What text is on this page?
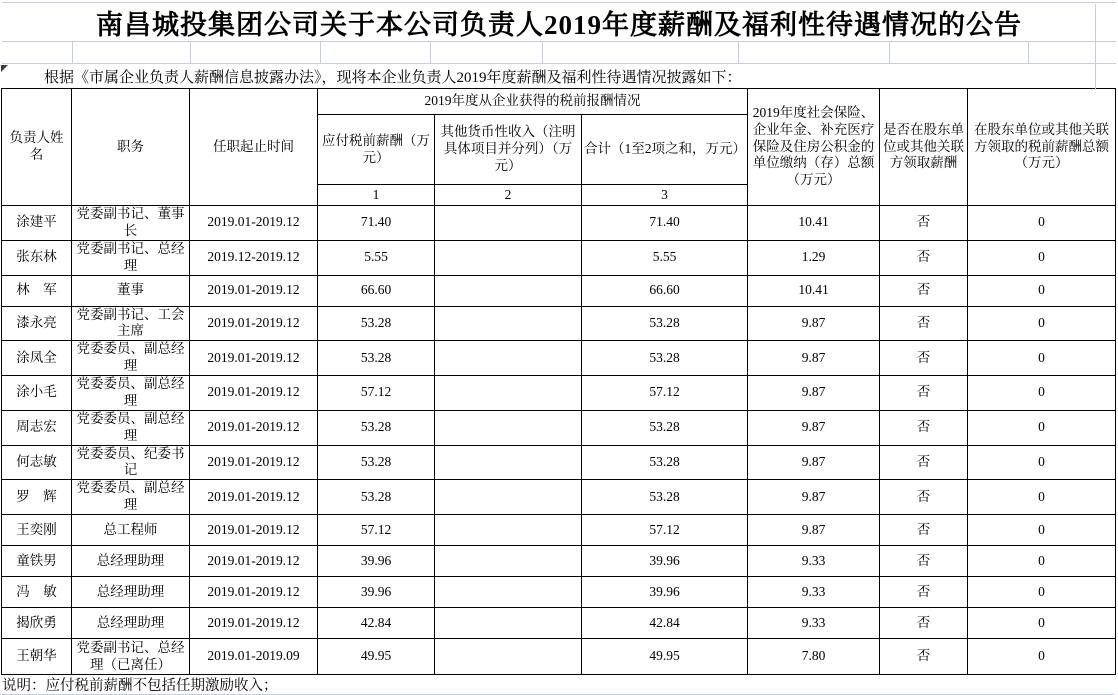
南昌城投集团公司关于本公司负责人2019年度薪酬及福利性待遇情况的公告
根据《市属企业负责人薪酬信息披露办法》，现将本企业负责人2019年度薪酬及福利性待遇情况披露如下：
负责人姓名	职务	任职起止时间	2019年度从企业获得的税前报酬情况			2019年度社会保险、企业年金、补充医疗保险及住房公积金的单位缴纳（存）总额（万元）	是否在股东单位或其他关联方领取薪酬	在股东单位或其他关联方领取的税前薪酬总额（万元）
			应付税前薪酬（万元）	其他货币性收入（注明具体项目并分列）（万元）	合计（1至2项之和，万元）			
			1	2	3			
涂建平	党委副书记、董事长	2019.01-2019.12	71.40		71.40	10.41	否	0
张东林	党委副书记、总经理	2019.12-2019.12	5.55		5.55	1.29	否	0
林　军	董事	2019.01-2019.12	66.60		66.60	10.41	否	0
漆永亮	党委副书记、工会主席	2019.01-2019.12	53.28		53.28	9.87	否	0
涂凤全	党委委员、副总经理	2019.01-2019.12	53.28		53.28	9.87	否	0
涂小毛	党委委员、副总经理	2019.01-2019.12	57.12		57.12	9.87	否	0
周志宏	党委委员、副总经理	2019.01-2019.12	53.28		53.28	9.87	否	0
何志敏	党委委员、纪委书记	2019.01-2019.12	53.28		53.28	9.87	否	0
罗　辉	党委委员、副总经理	2019.01-2019.12	53.28		53.28	9.87	否	0
王奕刚	总工程师	2019.01-2019.12	57.12		57.12	9.87	否	0
童铁男	总经理助理	2019.01-2019.12	39.96		39.96	9.33	否	0
冯　敏	总经理助理	2019.01-2019.12	39.96		39.96	9.33	否	0
揭欣勇	总经理助理	2019.01-2019.12	42.84		42.84	9.33	否	0
王朝华	党委副书记、总经理（已离任）	2019.01-2019.09	49.95		49.95	7.80	否	0
说明：应付税前薪酬不包括任期激励收入；
